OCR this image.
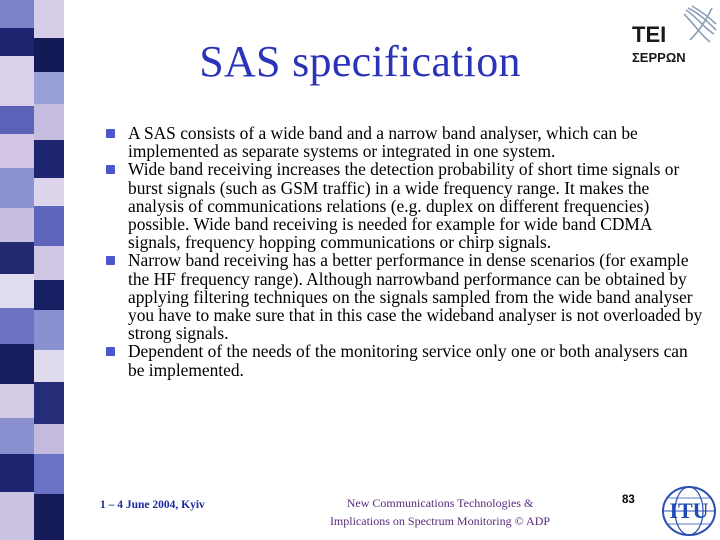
SAS specification
TEI
ΣΕΡΡΩΝ
A SAS consists of a wide band and a narrow band analyser, which can be implemented as separate systems or integrated in one system.
Wide band receiving increases the detection probability of short time signals or burst signals (such as GSM traffic) in a wide frequency range. It makes the analysis of communications relations (e.g. duplex on different frequencies) possible. Wide band receiving is needed for example for wide band CDMA signals, frequency hopping communications or chirp signals.
Narrow band receiving has a better performance in dense scenarios (for example the HF frequency range). Although narrowband performance can be obtained by applying filtering techniques on the signals sampled from the wide band analyser you have to make sure that in this case the wideband analyser is not overloaded by strong signals.
Dependent of the needs of the monitoring service only one or both analysers can be implemented.
1 – 4 June 2004, Kyiv	New Communications Technologies &
Implications on Spectrum Monitoring © ADP
83	ITU
